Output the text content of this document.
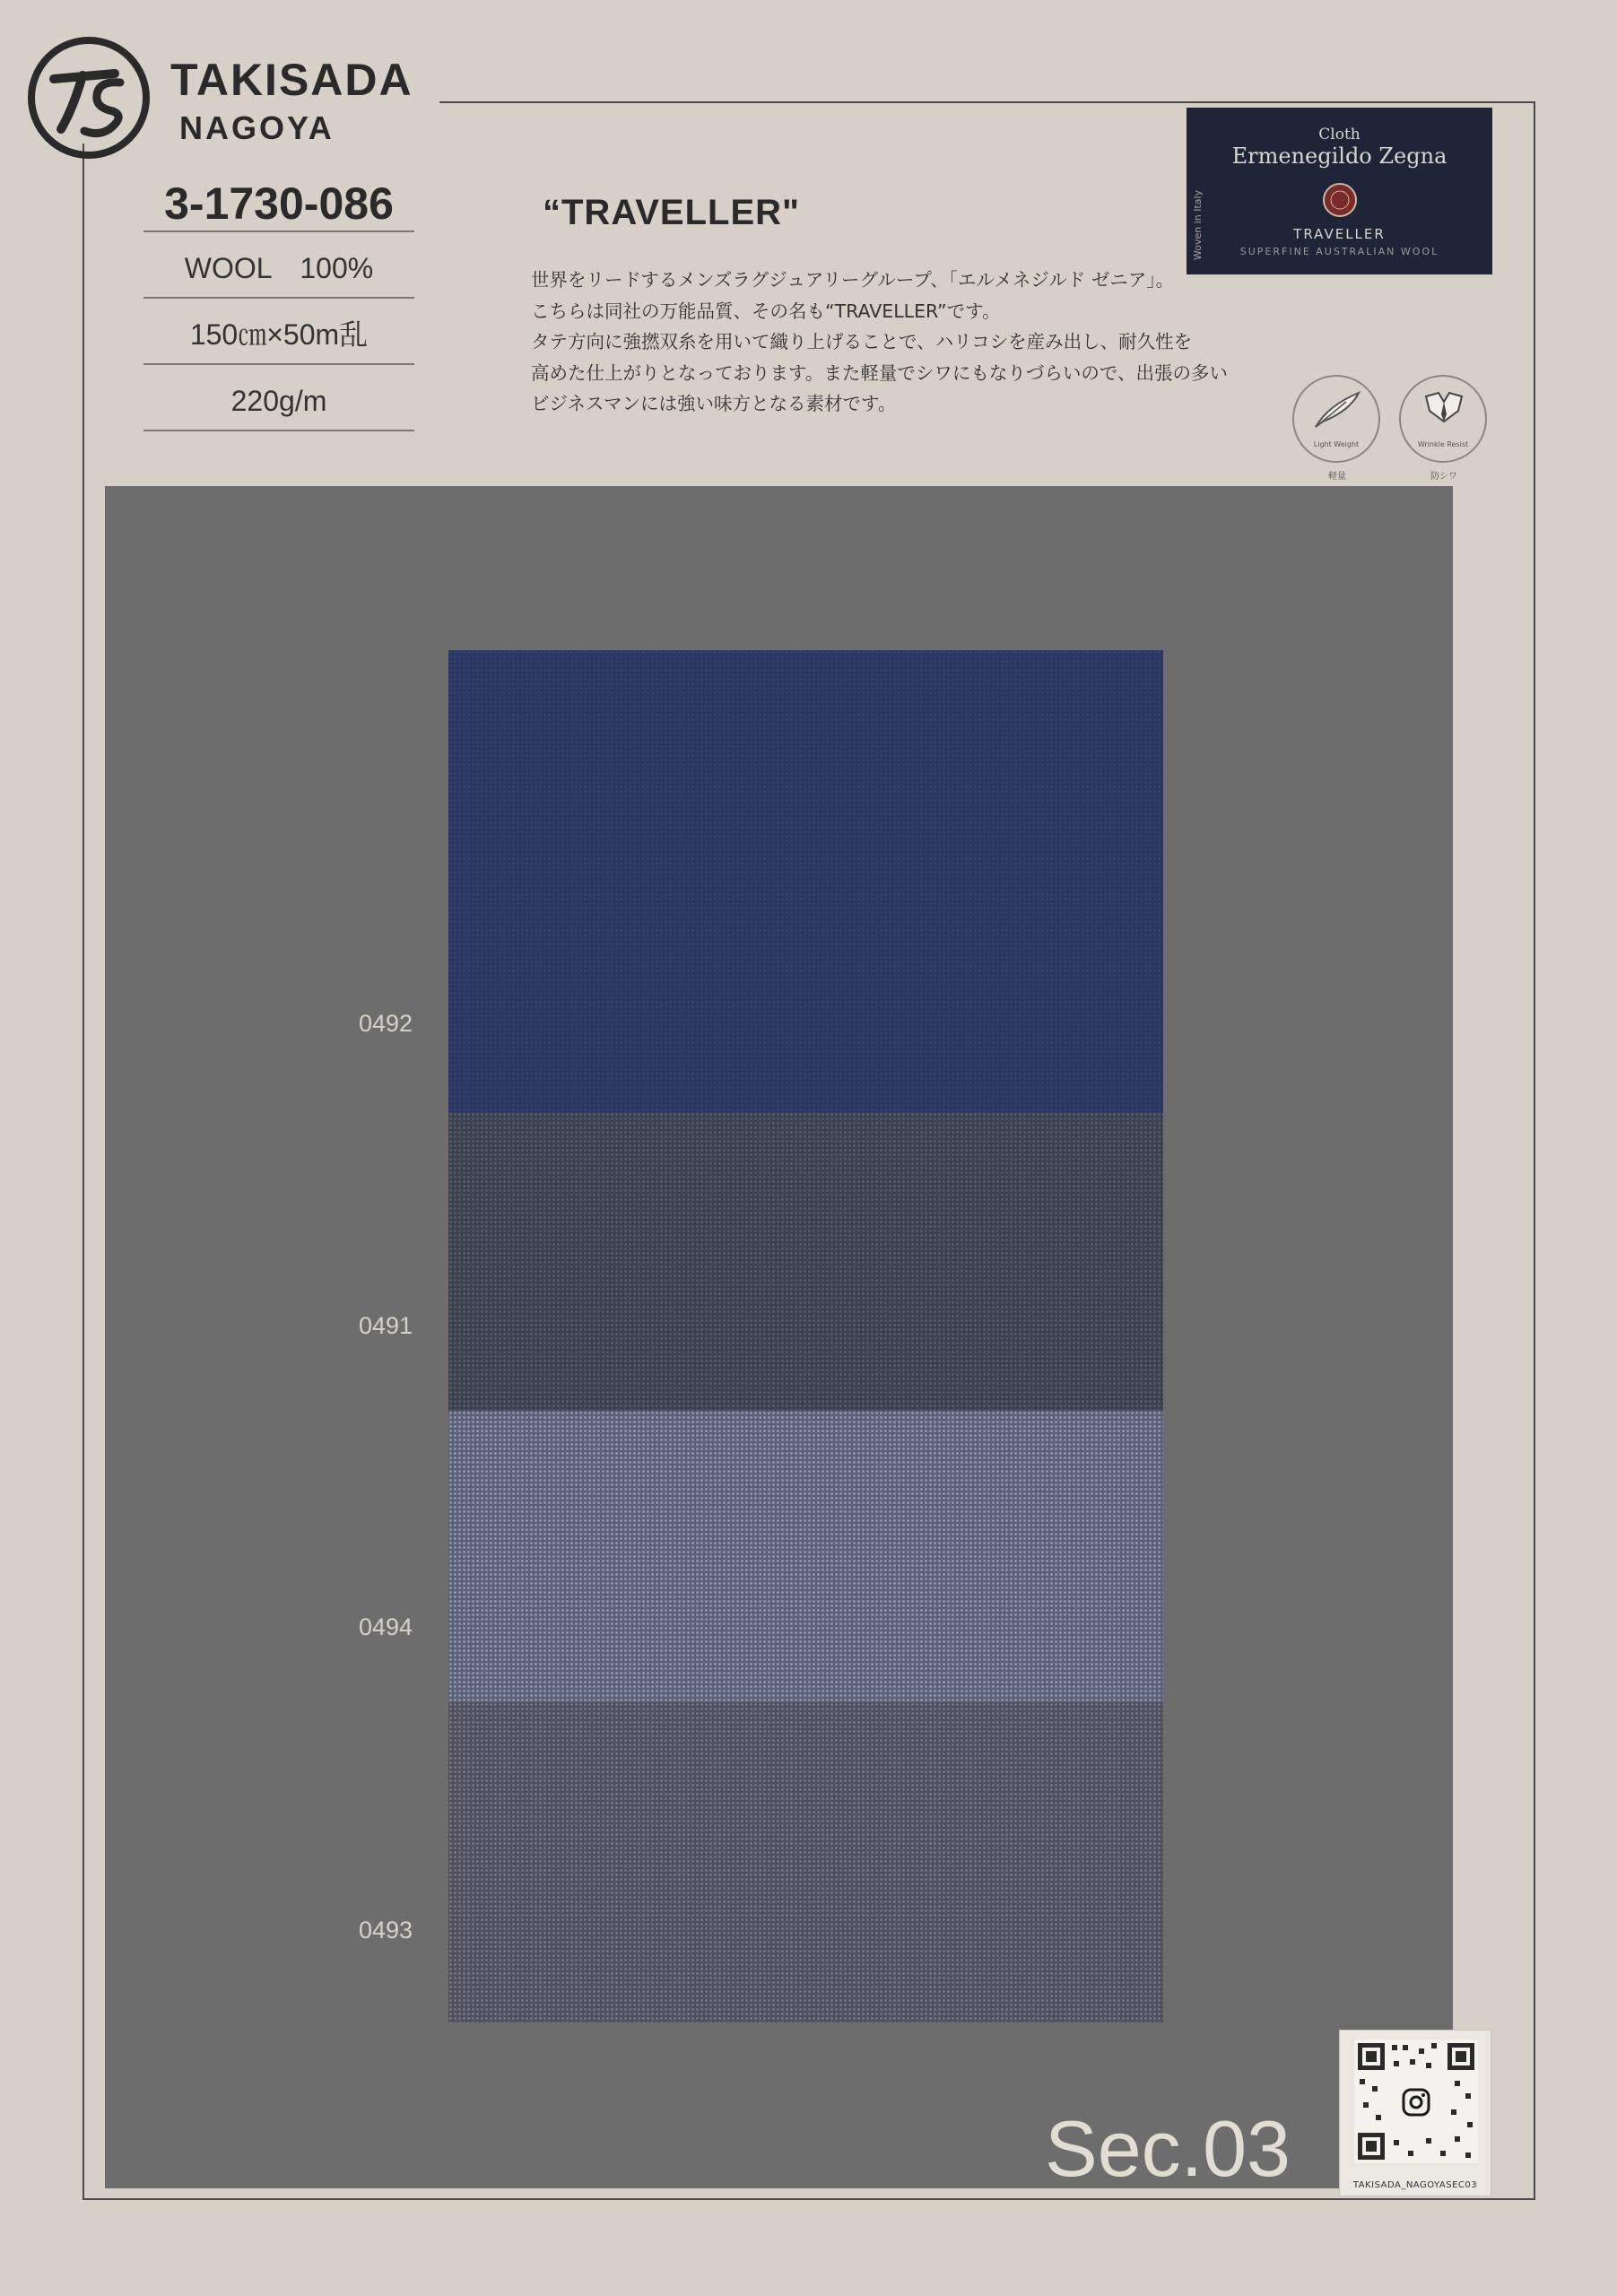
TAKISADA
NAGOYA
3-1730-086
WOOL　100%
150㎝×50m乱
220g/m
“TRAVELLER"

世界をリードするメンズラグジュアリーグループ、「エルメネジルド ゼニア」。

こちらは同社の万能品質、その名も“TRAVELLER”です。

タテ方向に強撚双糸を用いて織り上げることで、ハリコシを産み出し、耐久性を

高めた仕上がりとなっております。また軽量でシワにもなりづらいので、出張の多い

ビジネスマンには強い味方となる素材です。

Woven in Italy
Cloth
Ermenegildo Zegna
TRAVELLER
SUPERFINE AUSTRALIAN WOOL
Light Weight
軽量
Wrinkle Resist
防シワ
0492
0491
0494
0493
Sec.03	TAKISADA_NAGOYASEC03
